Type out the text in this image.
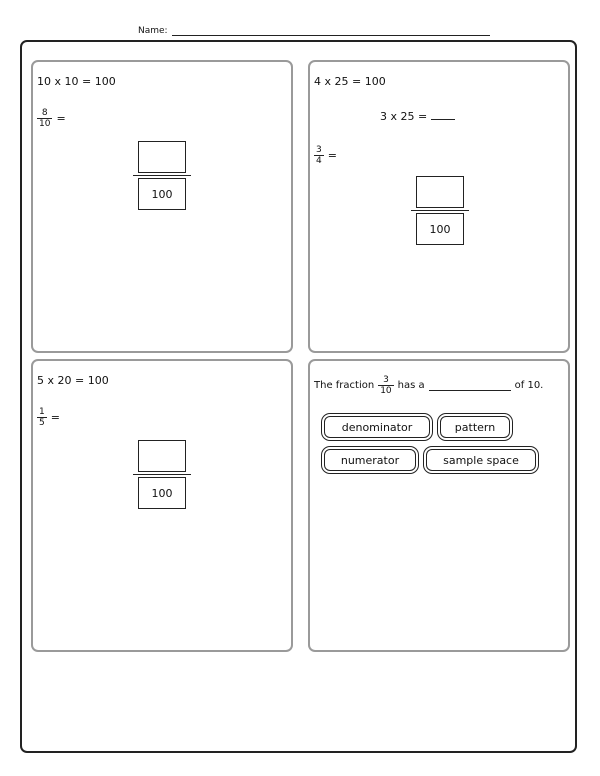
Name:
10 x 10 = 100
$\frac{8}{10}$ =
100
4 x 25 = 100
3 x 25 =
$\frac{3}{4}$ =
100
5 x 20 = 100
$\frac{1}{5}$ =
100
The fraction $\frac{3}{10}$ has a	of 10.
denominator	pattern
numerator	sample space
